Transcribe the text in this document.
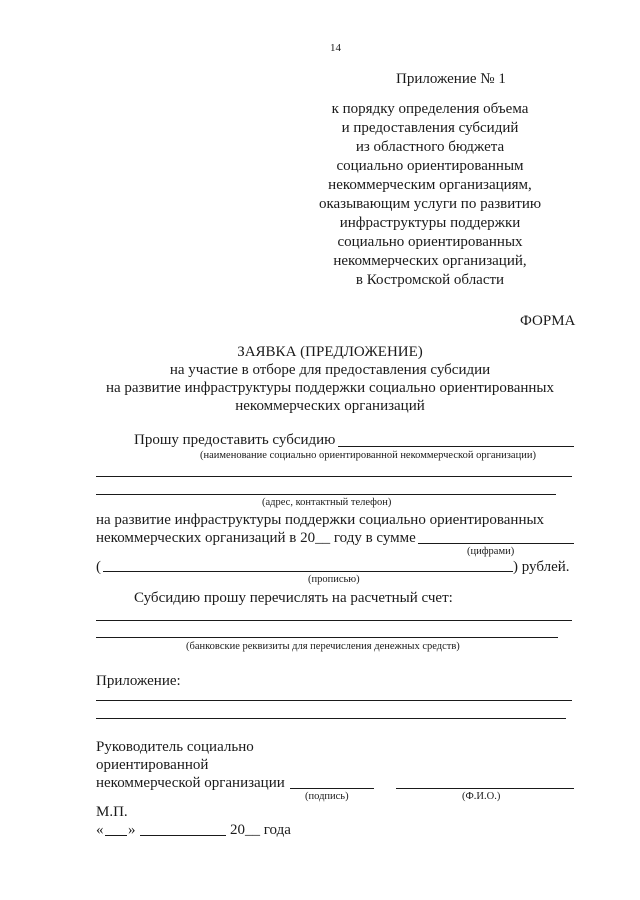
14
Приложение № 1
к порядку определения объема
и предоставления субсидий
из областного бюджета
социально ориентированным
некоммерческим организациям,
оказывающим услуги по развитию
инфраструктуры поддержки
социально ориентированных
некоммерческих организаций,
в Костромской области
ФОРМА
ЗАЯВКА (ПРЕДЛОЖЕНИЕ)
на участие в отборе для предоставления субсидии
на развитие инфраструктуры поддержки социально ориентированных
некоммерческих организаций
Прошу предоставить субсидию
(наименование социально ориентированной некоммерческой организации)
(адрес, контактный телефон)
на развитие инфраструктуры поддержки социально ориентированных
некоммерческих организаций в 20__ году в сумме
(цифрами)
(	) рублей.
(прописью)
Субсидию прошу перечислять на расчетный счет:
(банковские реквизиты для перечисления денежных средств)
Приложение:
Руководитель социально
ориентированной
некоммерческой организации
(подпись)	(Ф.И.О.)
М.П.
« »	20__ года
